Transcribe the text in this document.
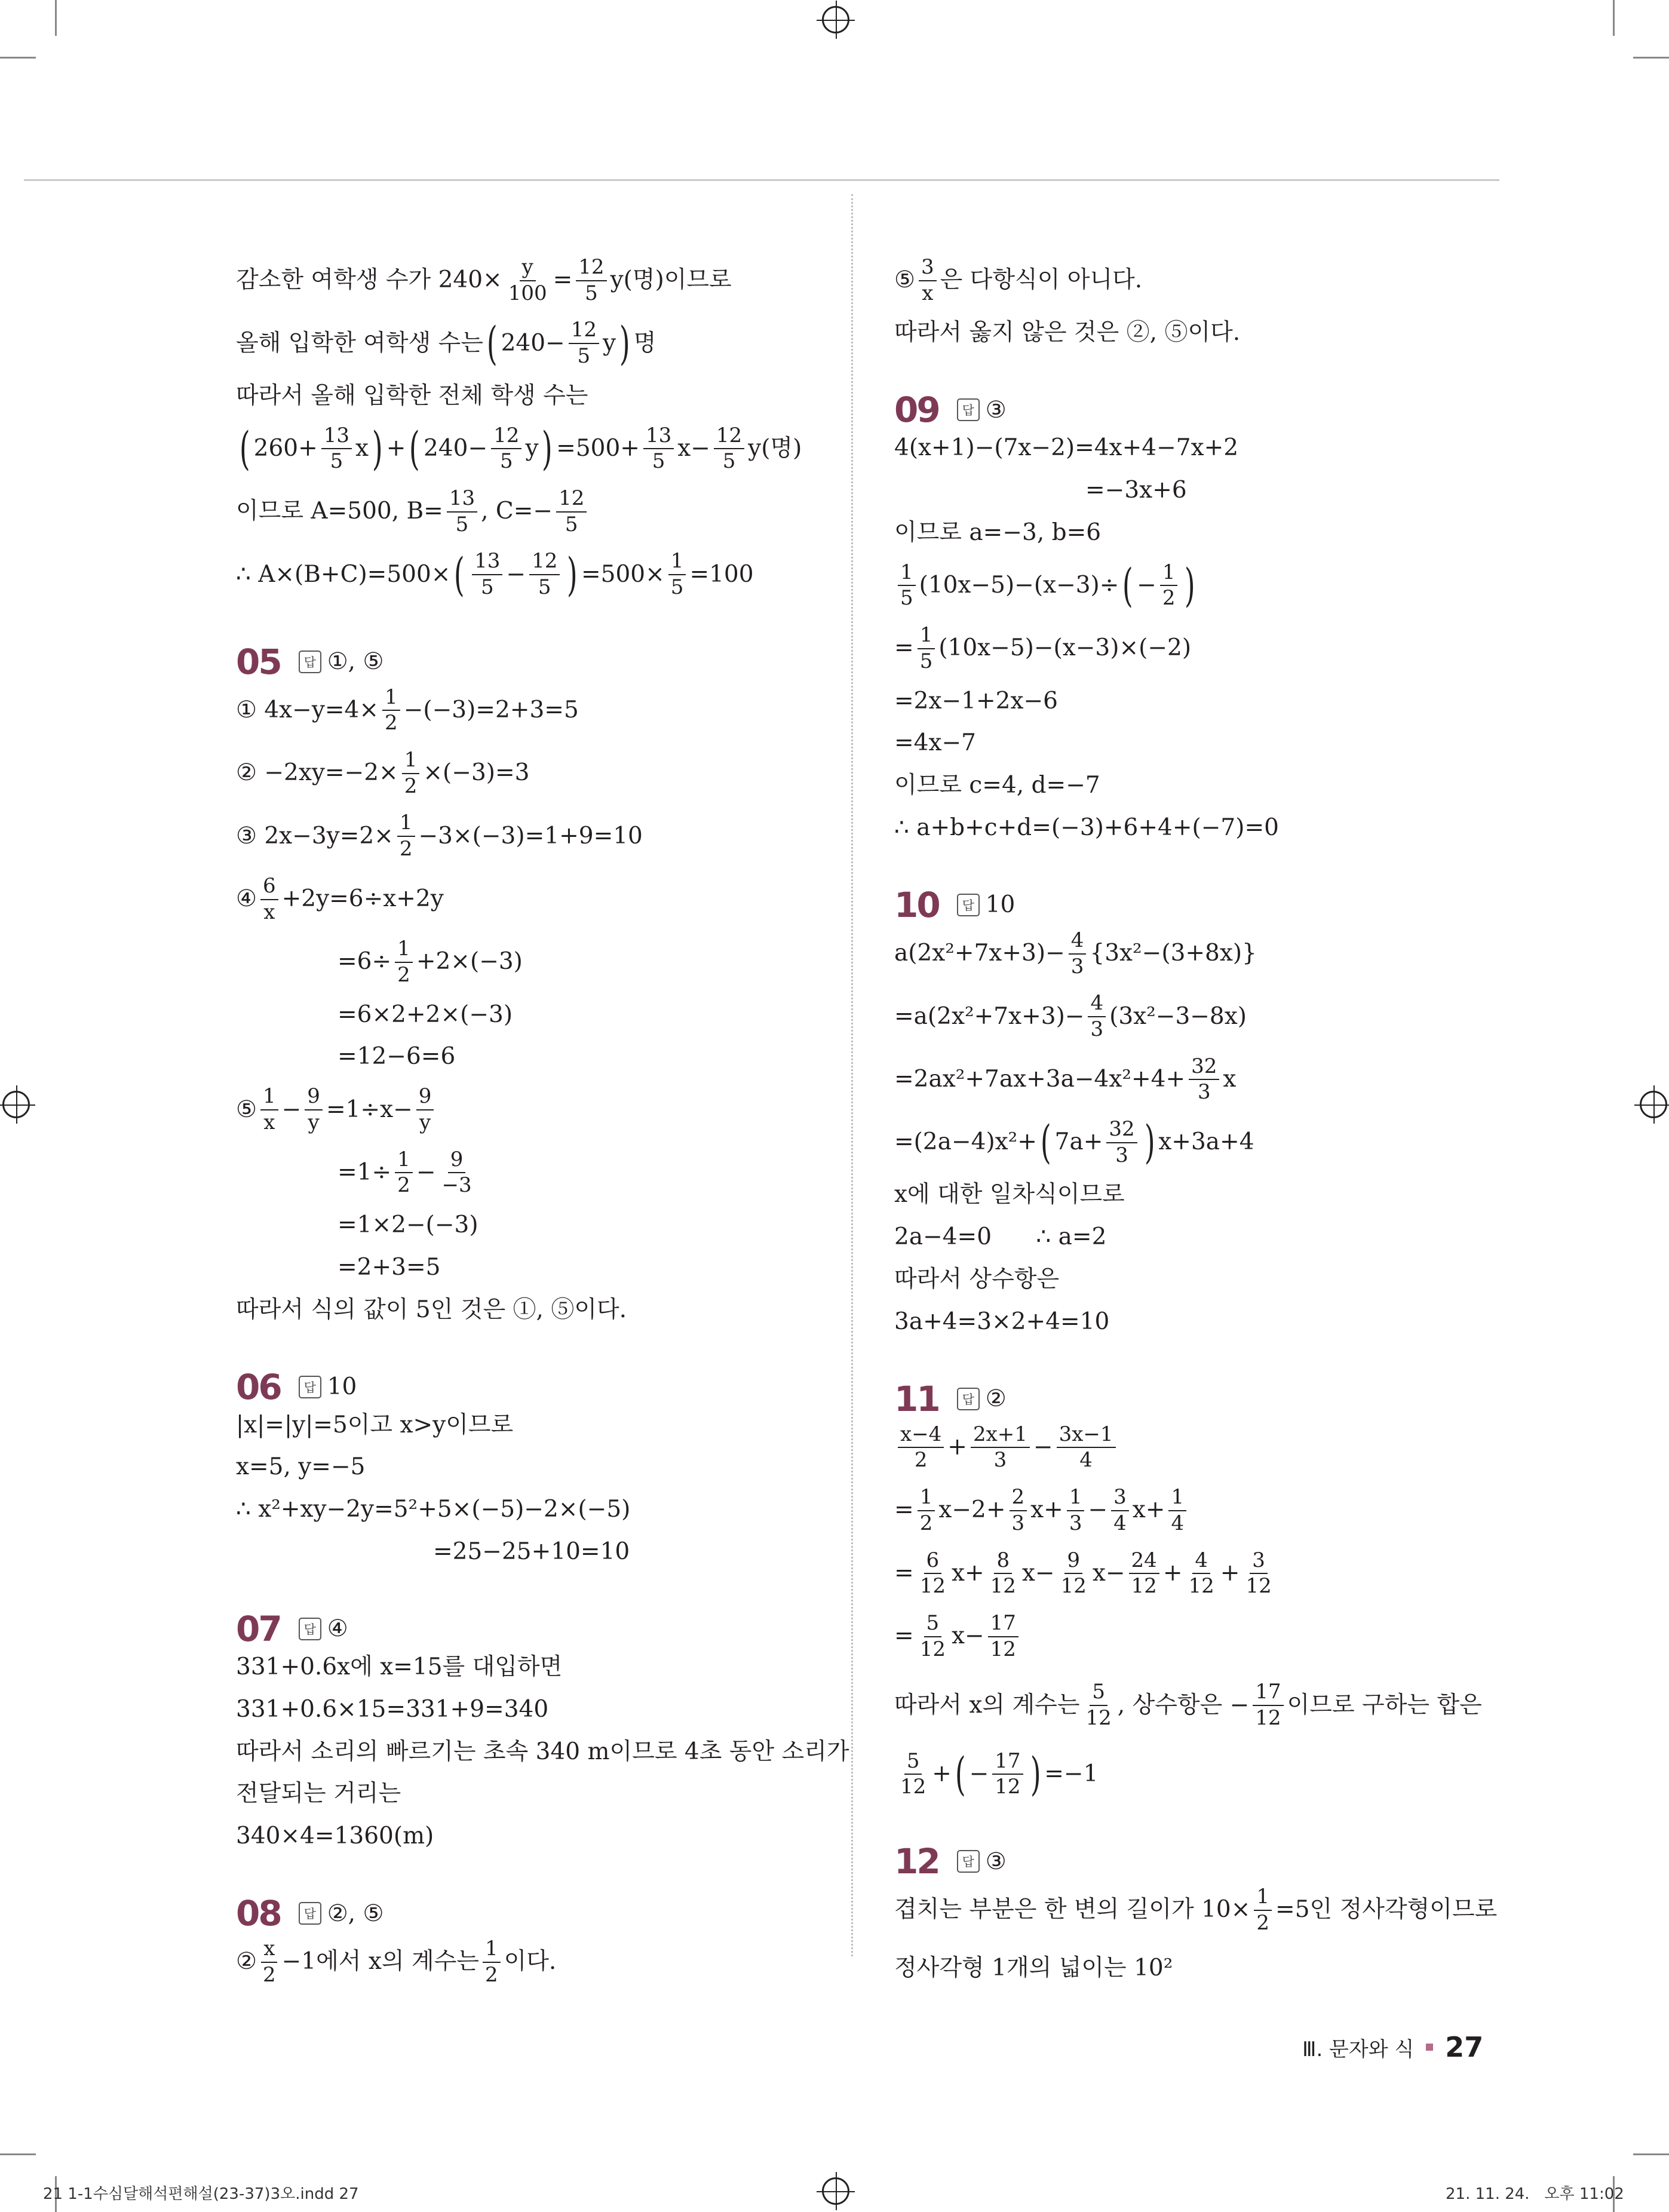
감소한 여학생 수가 $240\times \frac{y}{100} = \frac{12}{5} y$(명)이므로
올해 입학한 여학생 수는 ( $240- \frac{12}{5}$ y ) 명
따라서 올해 입학한 전체 학생 수는
( $260+ \frac{13}{5}$ x ) + ( $240- \frac{12}{5}$ y ) $=500+ \frac{13}{5} x- \frac{12}{5} y$(명)
이므로 A=500, $B= \frac{13}{5}$ , $C=- \frac{12}{5}$
∴ A×(B+C)=500× ( $\frac{13}{5} - \frac{12}{5}$ ) $=500\times \frac{1}{5} =100$
05	답 ①, ⑤
① $4x-y=4\times \frac{1}{2} -(-3)=2+3=5$
② $-2xy=-2\times \frac{1}{2} \times(-3)=3$
③ $2x-3y=2\times \frac{1}{2} -3\times(-3)=1+9=10$
④ $\frac{6}{x} +2y=6\div x+2y$
$=6\div \frac{1}{2} +2\times(-3)$
=6×2+2×(−3)
=12−6=6
⑤ $\frac{1}{x} - \frac{9}{y} =1\div x- \frac{9}{y}$
$=1\div \frac{1}{2} - \frac{9}{-3}$
=1×2−(−3)
=2+3=5
따라서 식의 값이 5인 것은 ①, ⑤이다.
06	답 10
|x|=|y|=5이고 x>y이므로
x=5, y=−5
∴ x²+xy−2y=5²+5×(−5)−2×(−5)
=25−25+10=10
07	답 ④
331+0.6x에 x=15를 대입하면
331+0.6×15=331+9=340
따라서 소리의 빠르기는 초속 340 m이므로 4초 동안 소리가
전달되는 거리는
340×4=1360(m)
08	답 ②, ⑤
② $\frac{x}{2} -1$에서 x의 계수는 $\frac{1}{2}$ 이다.
⑤ $\frac{3}{x}$ 은 다항식이 아니다.
따라서 옳지 않은 것은 ②, ⑤이다.
09	답 ③
4(x+1)−(7x−2)=4x+4−7x+2
=−3x+6
이므로 a=−3, b=6
$\frac{1}{5} (10x-5)-(x-3)\div$ ( − $\frac{1}{2}$ )
= $\frac{1}{5} (10x-5)-(x-3)\times(-2)$
=2x−1+2x−6
=4x−7
이므로 c=4, d=−7
∴ a+b+c+d=(−3)+6+4+(−7)=0
10	답 10
$a(2x^2+7x+3)- \frac{4}{3} \{3x^2-(3+8x)\}$
$=a(2x^2+7x+3)- \frac{4}{3} (3x^2-3-8x)$
$=2ax^2+7ax+3a-4x^2+4+ \frac{32}{3}$ x
=(2a−4)x²+ ( $7a+ \frac{32}{3}$ ) x+3a+4
x에 대한 일차식이므로
2a−4=0      ∴ a=2
따라서 상수항은
3a+4=3×2+4=10
11	답 ②
$\frac{x-4}{2} + \frac{2x+1}{3} - \frac{3x-1}{4}$
= $\frac{1}{2} x-2+ \frac{2}{3} x+ \frac{1}{3} - \frac{3}{4} x+ \frac{1}{4}$
= $\frac{6}{12} x+ \frac{8}{12} x- \frac{9}{12} x- \frac{24}{12} + \frac{4}{12} + \frac{3}{12}$
= $\frac{5}{12} x- \frac{17}{12}$
따라서 x의 계수는 $\frac{5}{12}$ , 상수항은 − $\frac{17}{12}$ 이므로 구하는 합은
$\frac{5}{12}$ + ( − $\frac{17}{12}$ ) =−1
12	답 ③
겹치는 부분은 한 변의 길이가 $10\times \frac{1}{2} =5$인 정사각형이므로
정사각형 1개의 넓이는 10²
Ⅲ. 문자와 식 27
21 1-1수심달해석편해설(23-37)3오.indd 27	21. 11. 24.   오후 11:02
